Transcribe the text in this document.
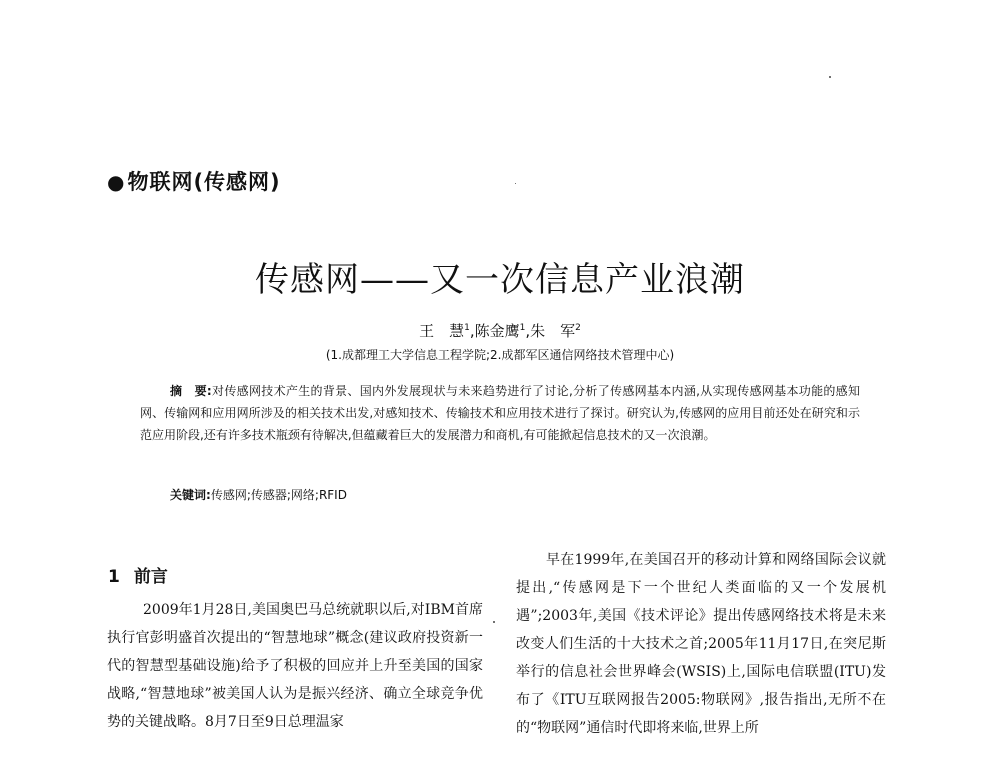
●物联网(传感网)
传感网——又一次信息产业浪潮
王　慧$^1$,陈金鹰$^1$,朱　军$^2$
(1.成都理工大学信息工程学院;2.成都军区通信网络技术管理中心)
摘　要:对传感网技术产生的背景、国内外发展现状与未来趋势进行了讨论,分析了传感网基本内涵,从实现传感网基本功能的感知网、传输网和应用网所涉及的相关技术出发,对感知技术、传输技术和应用技术进行了探讨。研究认为,传感网的应用目前还处在研究和示范应用阶段,还有许多技术瓶颈有待解决,但蕴藏着巨大的发展潜力和商机,有可能掀起信息技术的又一次浪潮。
关键词:传感网;传感器;网络;RFID
1 前言
2009年1月28日,美国奥巴马总统就职以后,对IBM首席执行官彭明盛首次提出的“智慧地球”概念(建议政府投资新一代的智慧型基础设施)给予了积极的回应并上升至美国的国家战略,“智慧地球”被美国人认为是振兴经济、确立全球竞争优势的关键战略。8月7日至9日总理温家
早在1999年,在美国召开的移动计算和网络国际会议就提出,“传感网是下一个世纪人类面临的又一个发展机遇”;2003年,美国《技术评论》提出传感网络技术将是未来改变人们生活的十大技术之首;2005年11月17日,在突尼斯举行的信息社会世界峰会(WSIS)上,国际电信联盟(ITU)发布了《ITU互联网报告2005:物联网》,报告指出,无所不在的“物联网”通信时代即将来临,世界上所
